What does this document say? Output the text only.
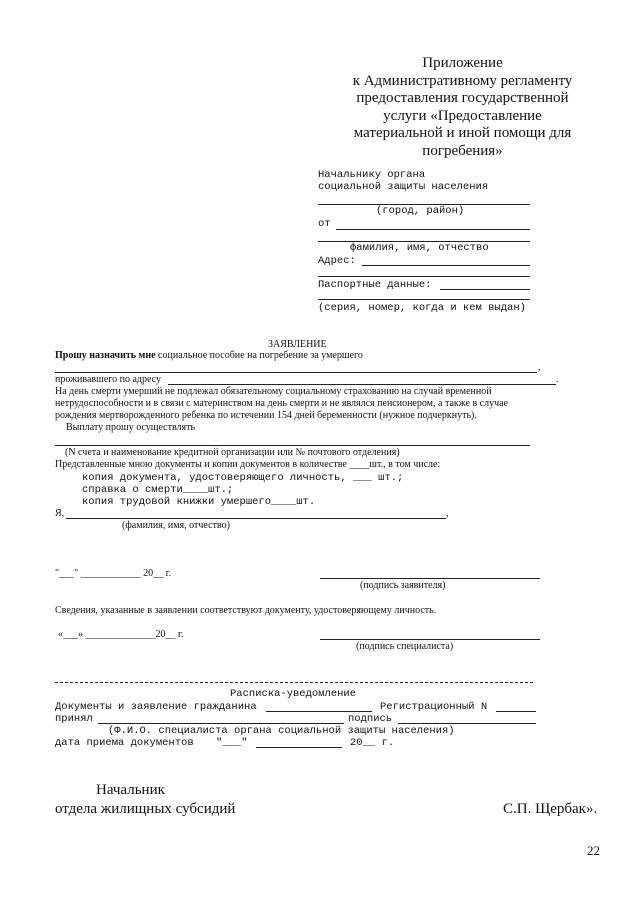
Приложение
к Административному регламенту
предоставления государственной
услуги «Предоставление
материальной и иной помощи для
погребения»
Начальнику органа
социальной защиты населения
(город, район)
от
фамилия, имя, отчество
Адрес:
Паспортные данные:
(серия, номер, когда и кем выдан)
ЗАЯВЛЕНИЕ
Прошу назначить мне социальное пособие на погребение за умершего
,
проживавшего по адресу	.
На день смерти умерший не подлежал обязательному социальному страхованию на случай временной
нетрудоспособности и в связи с материнством на день смерти и не являлся пенсионером, а также в случае
рождения мертворожденного ребенка по истечении 154 дней беременности (нужное подчеркнуть).
Выплату прошу осуществлять
(N счета и наименование кредитной организации или № почтового отделения)
Представленные мною документы и копии документов в количестве ____шт., в том числе:
копия документа, удостоверяющего личность, ___ шт.;
справка о смерти____шт.;
копия трудовой книжки умершего____шт.
Я,	,
(фамилия, имя, отчество)
"___" ____________ 20__ г.
(подпись заявителя)
Сведения, указанные в заявлении соответствуют документу, удостоверяющему личность.
«___» ______________20__ г.
(подпись специалиста)
Расписка-уведомление
Документы и заявление гражданина	Регистрационный N
принял	подпись
(Ф.И.О. специалиста органа социальной защиты населения)
дата приема документов "___"	20__ г.
Начальник
отдела жилищных субсидий	С.П. Щербак».
22
